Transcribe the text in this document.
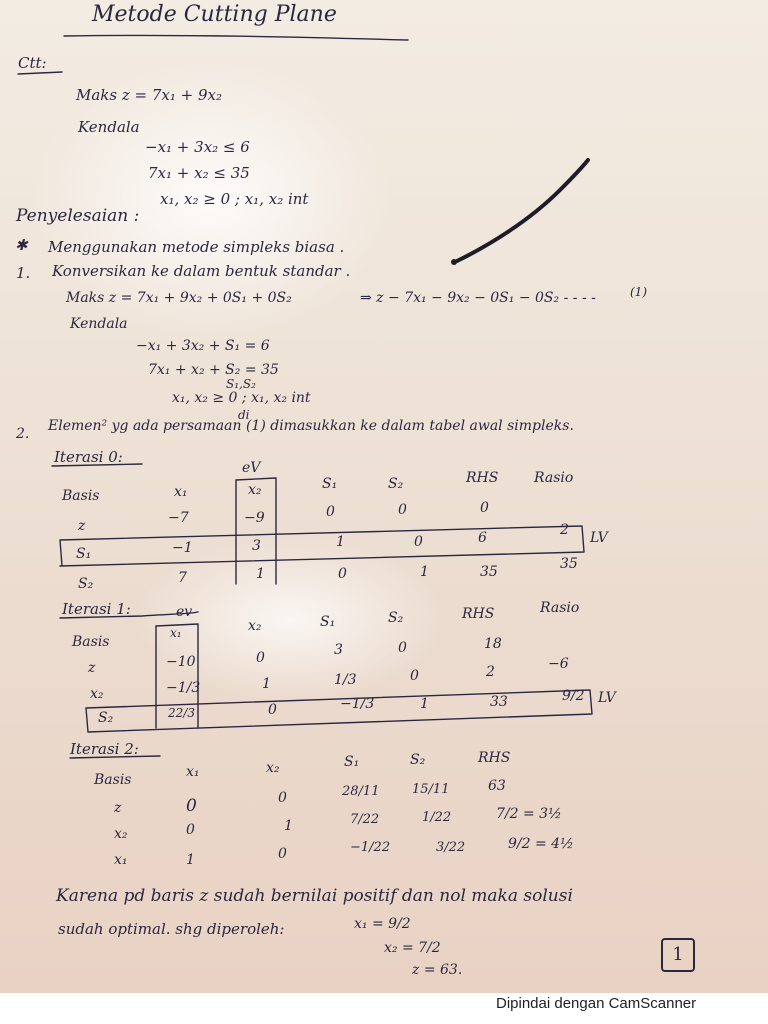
Metode Cutting Plane
Ctt:
Maks z = 7x₁ + 9x₂
Kendala
−x₁ + 3x₂ ≤ 6
7x₁ + x₂ ≤ 35
x₁, x₂ ≥ 0 ; x₁, x₂ int
Penyelesaian :
✱ Menggunakan metode simpleks biasa .
1. Konversikan ke dalam bentuk standar .
Maks z = 7x₁ + 9x₂ + 0S₁ + 0S₂	⇒ z − 7x₁ − 9x₂ − 0S₁ − 0S₂ - - - -	(1)
Kendala
−x₁ + 3x₂ + S₁ = 6
7x₁ + x₂ + S₂ = 35
S₁,S₂
x₁, x₂ ≥ 0 ; x₁, x₂ int
2.
di
Elemen² yg ada persamaan (1) dimasukkan ke dalam tabel awal simpleks.
Iterasi 0:
eV
Basis	x₁	x₂	S₁	S₂	RHS	Rasio
z	−7	−9	0	0	0
S₁	−1	3	1	0	6	2 LV
S₂	7	1	0	1	35	35
Iterasi 1:	ev
Basis
x₁	x₂	S₁	S₂	RHS	Rasio
z	−10	0	3	0	18
x₂	−1/3	1	1/3	0	2	−6
S₂	22/3	0	−1/3	1	33	9/2 LV
Iterasi 2:
Basis	x₁	x₂	S₁	S₂	RHS
z	0	0	28/11	15/11	63
x₂	0	1	7/22	1/22	7/2 = 3½
x₁	1	0	−1/22	3/22	9/2 = 4½
Karena pd baris z sudah bernilai positif dan nol maka solusi
sudah optimal. shg diperoleh:	x₁ = 9/2
x₂ = 7/2
z = 63.
1
Dipindai dengan CamScanner
